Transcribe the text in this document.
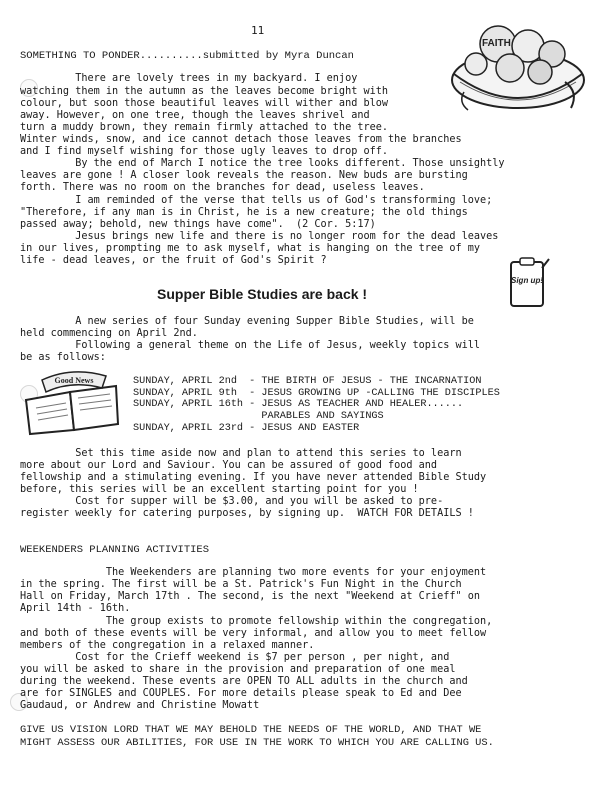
11
SOMETHING TO PONDER..........submitted by Myra Duncan
There are lovely trees in my backyard. I enjoy
watching them in the autumn as the leaves become bright with
colour, but soon those beautiful leaves will wither and blow
away. However, on one tree, though the leaves shrivel and
turn a muddy brown, they remain firmly attached to the tree.
Winter winds, snow, and ice cannot detach those leaves from the branches
and I find myself wishing for those ugly leaves to drop off.
By the end of March I notice the tree looks different. Those unsightly
leaves are gone ! A closer look reveals the reason. New buds are bursting
forth. There was no room on the branches for dead, useless leaves.
I am reminded of the verse that tells us of God's transforming love;
"Therefore, if any man is in Christ, he is a new creature; the old things
passed away; behold, new things have come".  (2 Cor. 5:17)
Jesus brings new life and there is no longer room for the dead leaves
in our lives, prompting me to ask myself, what is hanging on the tree of my
life - dead leaves, or the fruit of God's Spirit ?
FAITH
Supper Bible Studies are back !
Sign up!
A new series of four Sunday evening Supper Bible Studies, will be
held commencing on April 2nd.
Following a general theme on the Life of Jesus, weekly topics will
be as follows:
Good News	SUNDAY, APRIL 2nd  - THE BIRTH OF JESUS - THE INCARNATION
SUNDAY, APRIL 9th  - JESUS GROWING UP -CALLING THE DISCIPLES
SUNDAY, APRIL 16th - JESUS AS TEACHER AND HEALER......
PARABLES AND SAYINGS
SUNDAY, APRIL 23rd - JESUS AND EASTER
Set this time aside now and plan to attend this series to learn
more about our Lord and Saviour. You can be assured of good food and
fellowship and a stimulating evening. If you have never attended Bible Study
before, this series will be an excellent starting point for you !
Cost for supper will be $3.00, and you will be asked to pre-
register weekly for catering purposes, by signing up.  WATCH FOR DETAILS !
WEEKENDERS PLANNING ACTIVITIES
The Weekenders are planning two more events for your enjoyment
in the spring. The first will be a St. Patrick's Fun Night in the Church
Hall on Friday, March 17th . The second, is the next "Weekend at Crieff" on
April 14th - 16th.
The group exists to promote fellowship within the congregation,
and both of these events will be very informal, and allow you to meet fellow
members of the congregation in a relaxed manner.
Cost for the Crieff weekend is $7 per person , per night, and
you will be asked to share in the provision and preparation of one meal
during the weekend. These events are OPEN TO ALL adults in the church and
are for SINGLES and COUPLES. For more details please speak to Ed and Dee
Gaudaud, or Andrew and Christine Mowatt
GIVE US VISION LORD THAT WE MAY BEHOLD THE NEEDS OF THE WORLD, AND THAT WE
MIGHT ASSESS OUR ABILITIES, FOR USE IN THE WORK TO WHICH YOU ARE CALLING US.
